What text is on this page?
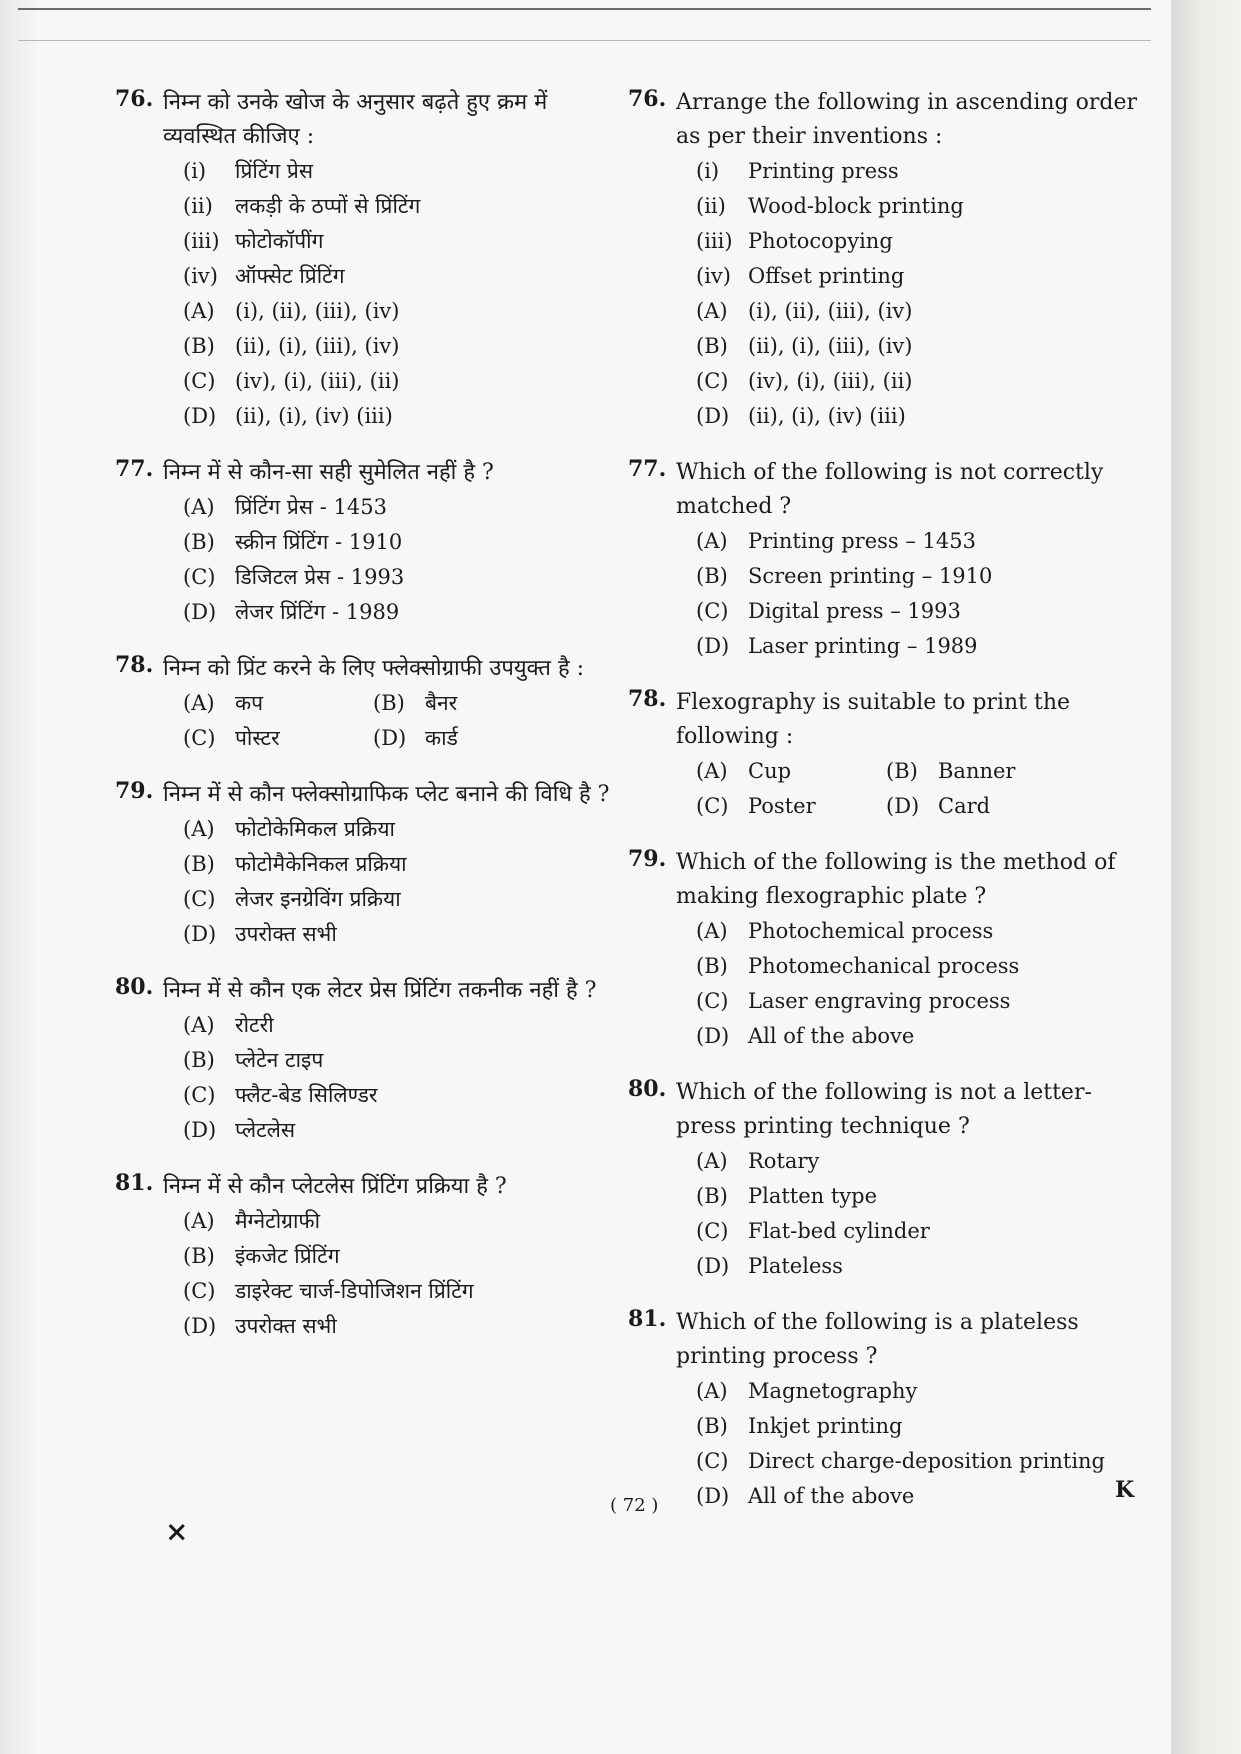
76. निम्न को उनके खोज के अनुसार बढ़ते हुए क्रम में व्यवस्थित कीजिए :
(i)	प्रिंटिंग प्रेस
(ii)	लकड़ी के ठप्पों से प्रिंटिंग
(iii) फोटोकॉपींग
(iv) ऑफ्सेट प्रिंटिंग
(A) (i), (ii), (iii), (iv)
(B) (ii), (i), (iii), (iv)
(C) (iv), (i), (iii), (ii)
(D) (ii), (i), (iv) (iii)
77. निम्न में से कौन-सा सही सुमेलित नहीं है ?
(A) प्रिंटिंग प्रेस - 1453
(B) स्क्रीन प्रिंटिंग - 1910
(C) डिजिटल प्रेस - 1993
(D) लेजर प्रिंटिंग - 1989
78. निम्न को प्रिंट करने के लिए फ्लेक्सोग्राफी उपयुक्त है :
(A) कप	(B) बैनर
(C) पोस्टर	(D) कार्ड
79. निम्न में से कौन फ्लेक्सोग्राफिक प्लेट बनाने की विधि है ?
(A) फोटोकेमिकल प्रक्रिया
(B) फोटोमैकेनिकल प्रक्रिया
(C) लेजर इनग्रेविंग प्रक्रिया
(D) उपरोक्त सभी
80. निम्न में से कौन एक लेटर प्रेस प्रिंटिंग तकनीक नहीं है ?
(A) रोटरी
(B) प्लेटेन टाइप
(C) फ्लैट-बेड सिलिण्डर
(D) प्लेटलेस
81. निम्न में से कौन प्लेटलेस प्रिंटिंग प्रक्रिया है ?
(A) मैग्नेटोग्राफी
(B) इंकजेट प्रिंटिंग
(C) डाइरेक्ट चार्ज-डिपोजिशन प्रिंटिंग
(D) उपरोक्त सभी
76. Arrange the following in ascending order as per their inventions :
(i)	Printing press
(ii)	Wood-block printing
(iii) Photocopying
(iv) Offset printing
(A) (i), (ii), (iii), (iv)
(B) (ii), (i), (iii), (iv)
(C) (iv), (i), (iii), (ii)
(D) (ii), (i), (iv) (iii)
77. Which of the following is not correctly matched ?
(A) Printing press – 1453
(B) Screen printing – 1910
(C) Digital press – 1993
(D) Laser printing – 1989
78. Flexography is suitable to print the following :
(A) Cup	(B) Banner
(C) Poster	(D) Card
79. Which of the following is the method of making flexographic plate ?
(A) Photochemical process
(B) Photomechanical process
(C) Laser engraving process
(D) All of the above
80. Which of the following is not a letter-press printing technique ?
(A) Rotary
(B) Platten type
(C) Flat-bed cylinder
(D) Plateless
81. Which of the following is a plateless printing process ?
(A) Magnetography
(B) Inkjet printing
(C) Direct charge-deposition printing
(D) All of the above
×
( 72 )
K
